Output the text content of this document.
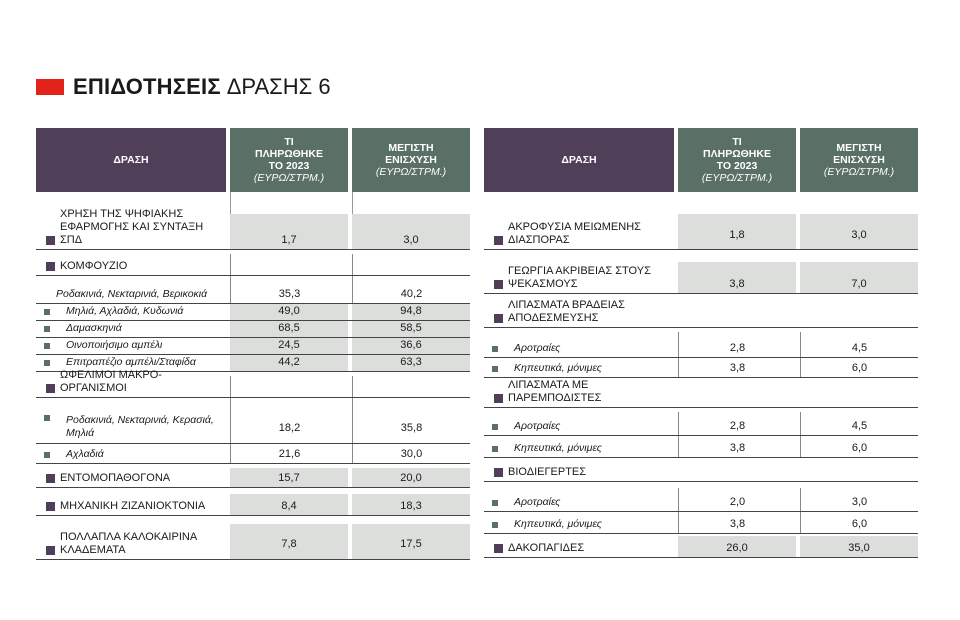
ΕΠΙΔΟΤΗΣΕΙΣ ΔΡΑΣΗΣ 6
ΔΡΑΣΗ
ΤΙ ΠΛΗΡΩΘΗΚΕ ΤΟ 2023
(ΕΥΡΩ/ΣΤΡΜ.)
ΜΕΓΙΣΤΗ ΕΝΙΣΧΥΣΗ
(ΕΥΡΩ/ΣΤΡΜ.)
ΧΡΗΣΗ ΤΗΣ ΨΗΦΙΑΚΗΣ ΕΦΑΡΜΟΓΗΣ ΚΑΙ ΣΥΝΤΑΞΗ ΣΠΔ	1,7	3,0
ΚΟΜΦΟΥΖΙΟ
Ροδακινιά, Νεκταρινιά, Βερικοκιά	35,3	40,2
Μηλιά, Αχλαδιά, Κυδωνιά	49,0	94,8
Δαμασκηνιά	68,5	58,5
Οινοποιήσιμο αμπέλι	24,5	36,6
Επιτραπέζιο αμπέλι/Σταφίδα	44,2	63,3
ΩΦΕΛΙΜΟΙ ΜΑΚΡΟ-ΟΡΓΑΝΙΣΜΟΙ
Ροδακινιά, Νεκταρινιά, Κερασιά, Μηλιά	18,2	35,8
Αχλαδιά	21,6	30,0
ΕΝΤΟΜΟΠΑΘΟΓΟΝΑ	15,7	20,0
ΜΗΧΑΝΙΚΗ ΖΙΖΑΝΙΟΚΤΟΝΙΑ	8,4	18,3
ΠΟΛΛΑΠΛΑ ΚΑΛΟΚΑΙΡΙΝΑ ΚΛΑΔΕΜΑΤΑ	7,8	17,5
ΔΡΑΣΗ
ΤΙ ΠΛΗΡΩΘΗΚΕ ΤΟ 2023
(ΕΥΡΩ/ΣΤΡΜ.)
ΜΕΓΙΣΤΗ ΕΝΙΣΧΥΣΗ
(ΕΥΡΩ/ΣΤΡΜ.)
ΑΚΡΟΦΥΣΙΑ ΜΕΙΩΜΕΝΗΣ ΔΙΑΣΠΟΡΑΣ	1,8	3,0
ΓΕΩΡΓΙΑ ΑΚΡΙΒΕΙΑΣ ΣΤΟΥΣ ΨΕΚΑΣΜΟΥΣ	3,8	7,0
ΛΙΠΑΣΜΑΤΑ ΒΡΑΔΕΙΑΣ ΑΠΟΔΕΣΜΕΥΣΗΣ
Αροτραίες	2,8	4,5
Κηπευτικά, μόνιμες	3,8	6,0
ΛΙΠΑΣΜΑΤΑ ΜΕ ΠΑΡΕΜΠΟΔΙΣΤΕΣ
Αροτραίες	2,8	4,5
Κηπευτικά, μόνιμες	3,8	6,0
ΒΙΟΔΙΕΓΕΡΤΕΣ
Αροτραίες	2,0	3,0
Κηπευτικά, μόνιμες	3,8	6,0
ΔΑΚΟΠΑΓΙΔΕΣ	26,0	35,0
